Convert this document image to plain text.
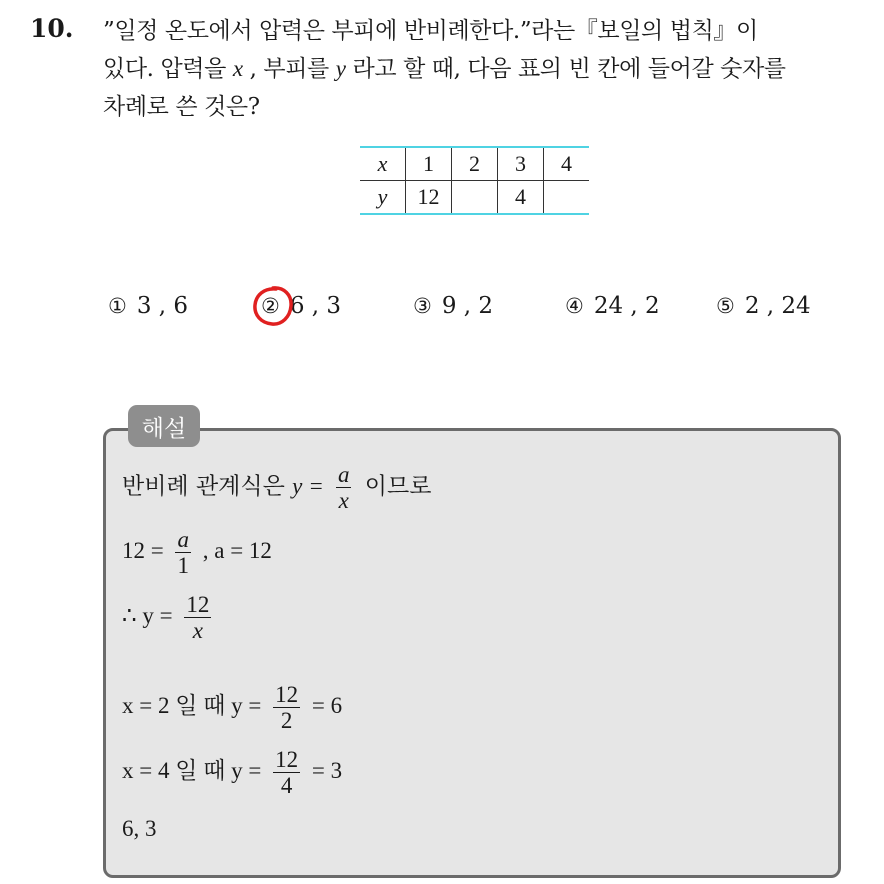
10. ”일정 온도에서 압력은 부피에 반비례한다.”라는『보일의 법칙』이
있다. 압력을 x , 부피를 y 라고 할 때, 다음 표의 빈 칸에 들어갈 숫자를
차례로 쓴 것은?
x	1	2	3	4
y	12		4	
① 3 , 6	② 6 , 3	③ 9 , 2	④ 24 , 2	⑤ 2 , 24
해설
반비례 관계식은 $y = \frac{a}{x}$ 이므로
$12 = \frac{a}{1}$ , a = 12
∴ $y = \frac{12}{x}$
x = 2 일 때 $y = \frac{12}{2} = 6$
x = 4 일 때 $y = \frac{12}{4} = 3$
6, 3
